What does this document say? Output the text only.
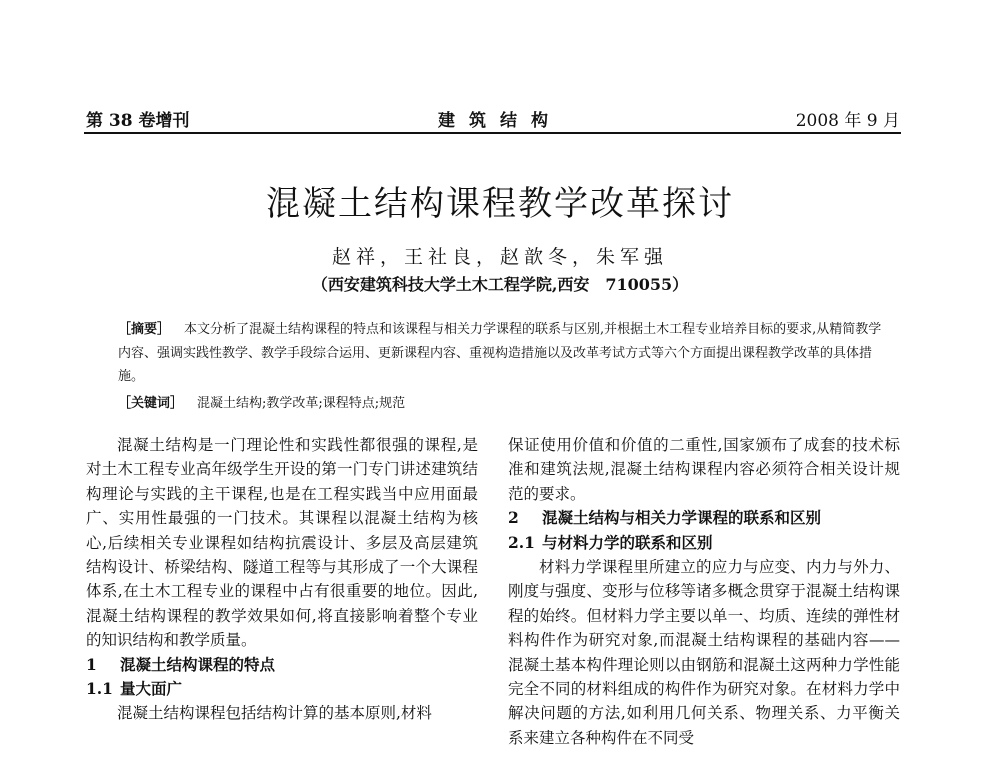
第 38 卷增刊	建筑结构	2008 年 9 月
混凝土结构课程教学改革探讨
赵祥，王社良，赵歆冬，朱军强
（西安建筑科技大学土木工程学院,西安　710055）
［摘要］ 本文分析了混凝土结构课程的特点和该课程与相关力学课程的联系与区别,并根据土木工程专业培养目标的要求,从精简教学内容、强调实践性教学、教学手段综合运用、更新课程内容、重视构造措施以及改革考试方式等六个方面提出课程教学改革的具体措施。
［关键词］ 混凝土结构;教学改革;课程特点;规范

混凝土结构是一门理论性和实践性都很强的课程,是对土木工程专业高年级学生开设的第一门专门讲述建筑结构理论与实践的主干课程,也是在工程实践当中应用面最广、实用性最强的一门技术。其课程以混凝土结构为核心,后续相关专业课程如结构抗震设计、多层及高层建筑结构设计、桥梁结构、隧道工程等与其形成了一个大课程体系,在土木工程专业的课程中占有很重要的地位。因此,混凝土结构课程的教学效果如何,将直接影响着整个专业的知识结构和教学质量。

1 混凝土结构课程的特点
1.1 量大面广

混凝土结构课程包括结构计算的基本原则,材料

保证使用价值和价值的二重性,国家颁布了成套的技术标准和建筑法规,混凝土结构课程内容必须符合相关设计规范的要求。

2 混凝土结构与相关力学课程的联系和区别
2.1 与材料力学的联系和区别

材料力学课程里所建立的应力与应变、内力与外力、刚度与强度、变形与位移等诸多概念贯穿于混凝土结构课程的始终。但材料力学主要以单一、均质、连续的弹性材料构件作为研究对象,而混凝土结构课程的基础内容——混凝土基本构件理论则以由钢筋和混凝土这两种力学性能完全不同的材料组成的构件作为研究对象。在材料力学中解决问题的方法,如利用几何关系、物理关系、力平衡关系来建立各种构件在不同受
